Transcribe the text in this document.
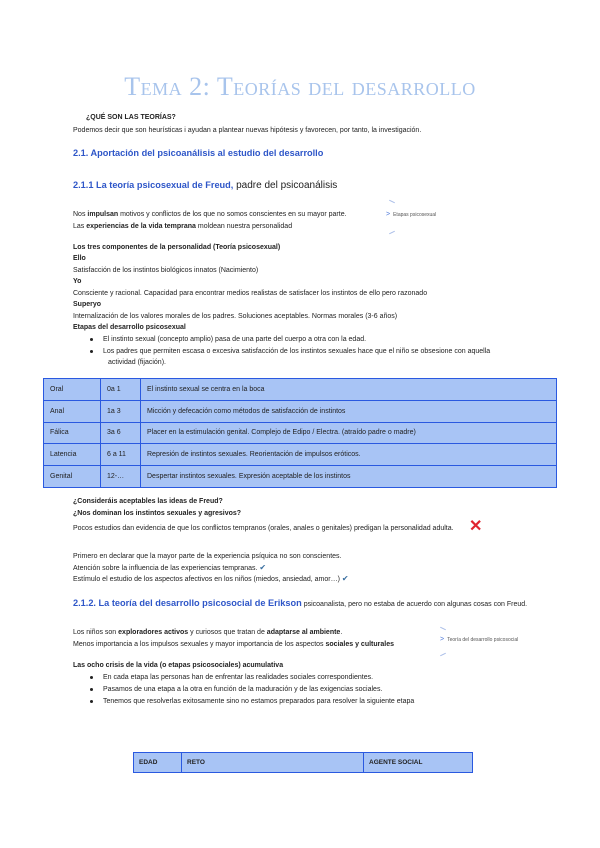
Tema 2: Teorías del desarrollo
¿QUÉ SON LAS TEORÍAS?
Podemos decir que son heurísticas i ayudan a plantear nuevas hipótesis y favorecen, por tanto, la investigación.
2.1. Aportación del psicoanálisis al estudio del desarrollo
2.1.1 La teoría psicosexual de Freud, padre del psicoanálisis
Nos impulsan motivos y conflictos de los que no somos conscientes en su mayor parte.
Las experiencias de la vida temprana moldean nuestra personalidad
> Etapas psicosexual
Los tres componentes de la personalidad (Teoría psicosexual)
Ello
Satisfacción de los instintos biológicos innatos (Nacimiento)
Yo
Consciente y racional. Capacidad para encontrar medios realistas de satisfacer los instintos de ello pero razonado
Superyo
Internalización de los valores morales de los padres. Soluciones aceptables. Normas morales (3-6 años)
Etapas del desarrollo psicosexual
El instinto sexual (concepto amplio) pasa de una parte del cuerpo a otra con la edad.
Los padres que permiten escasa o excesiva satisfacción de los instintos sexuales hace que el niño se obsesione con aquella
actividad (fijación).
Oral	0a 1	El instinto sexual se centra en la boca
Anal	1a 3	Micción y defecación como métodos de satisfacción de instintos
Fálica	3a 6	Placer en la estimulación genital. Complejo de Edipo / Electra. (atraído padre o madre)
Latencia	6 a 11	Represión de instintos sexuales. Reorientación de impulsos eróticos.
Genital	12-…	Despertar instintos sexuales. Expresión aceptable de los instintos
¿Consideráis aceptables las ideas de Freud?
¿Nos dominan los instintos sexuales y agresivos?
Pocos estudios dan evidencia de que los conflictos tempranos (orales, anales o genitales) predigan la personalidad adulta. ✕
Primero en declarar que la mayor parte de la experiencia psíquica no son conscientes.
Atención sobre la influencia de las experiencias tempranas. ✔
Estímulo el estudio de los aspectos afectivos en los niños (miedos, ansiedad, amor…) ✔
2.1.2. La teoría del desarrollo psicosocial de Erikson psicoanalista, pero no estaba de acuerdo con algunas cosas con Freud.
Los niños son exploradores activos y curiosos que tratan de adaptarse al ambiente.
Menos importancia a los impulsos sexuales y mayor importancia de los aspectos sociales y culturales
> Teoría del desarrollo psicosocial
Las ocho crisis de la vida (o etapas psicosociales) acumulativa
En cada etapa las personas han de enfrentar las realidades sociales correspondientes.
Pasamos de una etapa a la otra en función de la maduración y de las exigencias sociales.
Tenemos que resolverlas exitosamente sino no estamos preparados para resolver la siguiente etapa
EDAD	RETO	AGENTE SOCIAL
